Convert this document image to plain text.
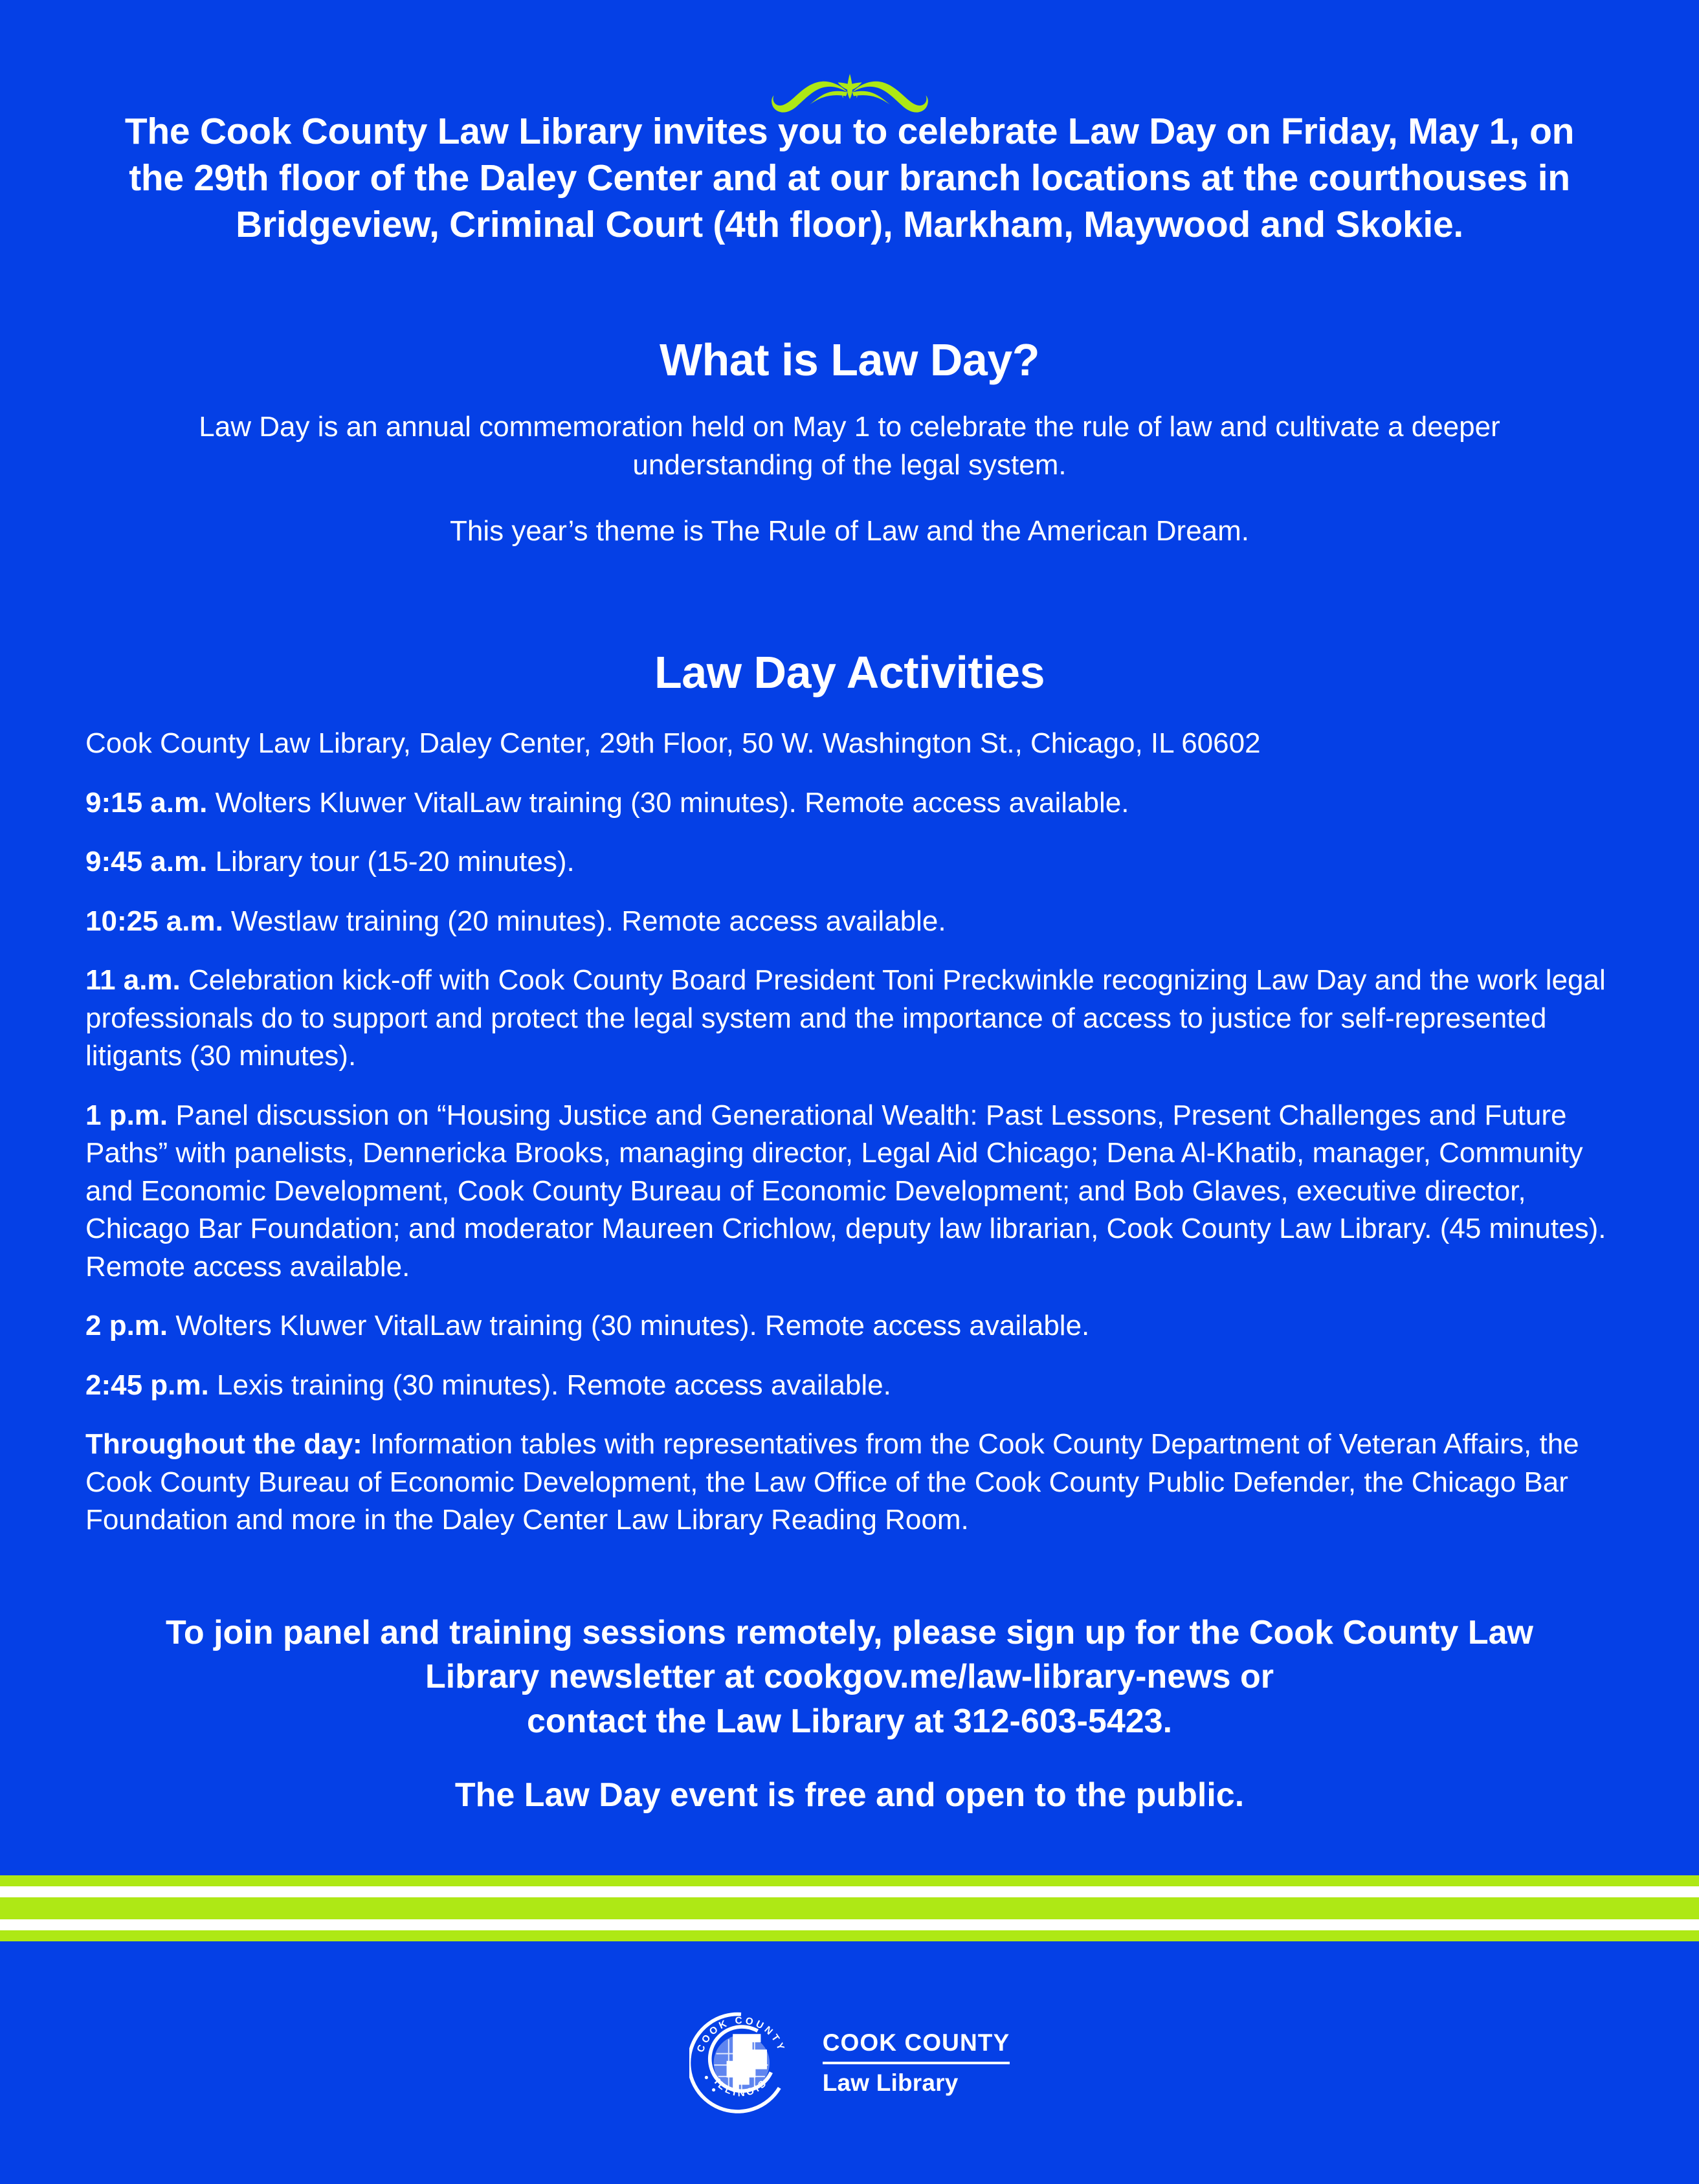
The Cook County Law Library invites you to celebrate Law Day on Friday, May 1, on the 29th floor of the Daley Center and at our branch locations at the courthouses in Bridgeview, Criminal Court (4th floor), Markham, Maywood and Skokie.
What is Law Day?
Law Day is an annual commemoration held on May 1 to celebrate the rule of law and cultivate a deeper understanding of the legal system.
This year’s theme is The Rule of Law and the American Dream.
Law Day Activities
Cook County Law Library, Daley Center, 29th Floor, 50 W. Washington St., Chicago, IL 60602
9:15 a.m. Wolters Kluwer VitalLaw training (30 minutes). Remote access available.
9:45 a.m. Library tour (15-20 minutes).
10:25 a.m. Westlaw training (20 minutes). Remote access available.
11 a.m. Celebration kick-off with Cook County Board President Toni Preckwinkle recognizing Law Day and the work legal professionals do to support and protect the legal system and the importance of access to justice for self-represented litigants (30 minutes).
1 p.m. Panel discussion on “Housing Justice and Generational Wealth: Past Lessons, Present Challenges and Future Paths” with panelists, Dennericka Brooks, managing director, Legal Aid Chicago; Dena Al-Khatib, manager, Community and Economic Development, Cook County Bureau of Economic Development; and Bob Glaves, executive director, Chicago Bar Foundation; and moderator Maureen Crichlow, deputy law librarian, Cook County Law Library. (45 minutes). Remote access available.
2 p.m. Wolters Kluwer VitalLaw training (30 minutes). Remote access available.
2:45 p.m. Lexis training (30 minutes). Remote access available.
Throughout the day: Information tables with representatives from the Cook County Department of Veteran Affairs, the Cook County Bureau of Economic Development, the Law Office of the Cook County Public Defender, the Chicago Bar Foundation and more in the Daley Center Law Library Reading Room.
To join panel and training sessions remotely, please sign up for the Cook County Law
Library newsletter at cookgov.me/law-library-news or
contact the Law Library at 312-603-5423.
The Law Day event is free and open to the public.
COOK COUNTY
ILLINOIS
COOK COUNTY
Law Library
